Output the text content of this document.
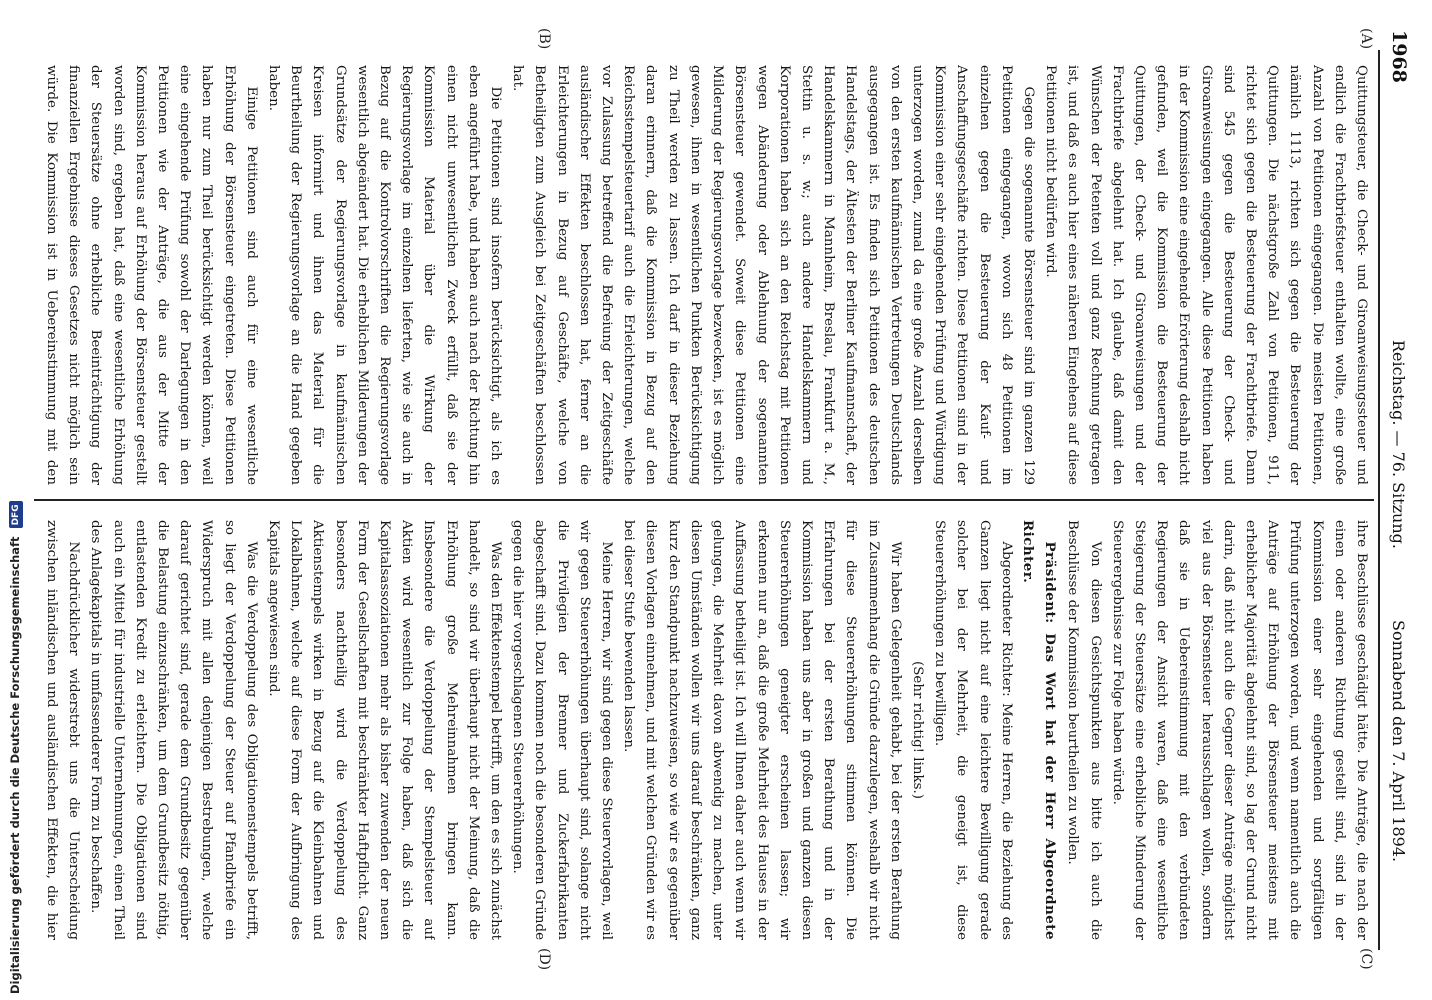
Digitalisierung gefördert durch die Deutsche Forschungsgemeinschaft DFG
1968
Reichstag. — 76. Sitzung.
Sonnabend den 7. April 1894.
(A)
(B)
(C)
(D)

Quittungsteuer, die Check- und Giroanweisungssteuer und endlich die Frachtbriefsteuer enthalten wollte, eine große Anzahl von Petitionen eingegangen. Die meisten Petitionen, nämlich 1113, richten sich gegen die Besteuerung der Quittungen. Die nächstgroße Zahl von Petitionen, 911, richtet sich gegen die Besteuerung der Frachtbriefe. Dann sind 545 gegen die Besteuerung der Check- und Giroanweisungen eingegangen. Alle diese Petitionen haben in der Kommission eine eingehende Erörterung deshalb nicht gefunden, weil die Kommission die Besteuerung der Quittungen, der Check- und Giroanweisungen und der Frachtbriefe abgelehnt hat. Ich glaube, daß damit den Wünschen der Petenten voll und ganz Rechnung getragen ist, und daß es auch hier eines näheren Eingehens auf diese Petitionen nicht bedürfen wird.

Gegen die sogenannte Börsensteuer sind im ganzen 129 Petitionen eingegangen, wovon sich 48 Petitionen im einzelnen gegen die Besteuerung der Kauf- und Anschaffungsgeschäfte richten. Diese Petitionen sind in der Kommission einer sehr eingehenden Prüfung und Würdigung unterzogen worden, zumal da eine große Anzahl derselben von den ersten kaufmännischen Vertretungen Deutschlands ausgegangen ist. Es finden sich Petitionen des deutschen Handelstags, der Ältesten der Berliner Kaufmannschaft, der Handelskammern in Mannheim, Breslau, Frankfurt a. M., Stettin u. s. w.; auch andere Handelskammern und Korporationen haben sich an den Reichstag mit Petitionen wegen Abänderung oder Ablehnung der sogenannten Börsensteuer gewendet. Soweit diese Petitionen eine Milderung der Regierungsvorlage bezwecken, ist es möglich gewesen, ihnen in wesentlichen Punkten Berücksichtigung zu Theil werden zu lassen. Ich darf in dieser Beziehung daran erinnern, daß die Kommission in Bezug auf den Reichsstempelsteuertarif auch die Erleichterungen, welche vor Zulassung betreffend die Befreiung der Zeitgeschäfte ausländischer Effekten beschlossen hat, ferner an die Erleichterungen in Bezug auf Geschäfte, welche von Betheiligten zum Ausgleich bei Zeitgeschäften beschlossen hat.

Die Petitionen sind insofern berücksichtigt, als ich es eben angeführt habe, und haben auch nach der Richtung hin einen nicht unwesentlichen Zweck erfüllt, daß sie der Kommission Material über die Wirkung der Regierungsvorlage im einzelnen lieferten, wie sie auch in Bezug auf die Kontrolvorschriften die Regierungsvorlage wesentlich abgeändert hat. Die erheblichen Milderungen der Grundsätze der Regierungsvorlage in kaufmännischen Kreisen informirt und ihnen das Material für die Beurtheilung der Regierungsvorlage an die Hand gegeben haben.

Einige Petitionen sind auch für eine wesentliche Erhöhung der Börsensteuer eingetreten. Diese Petitionen haben nur zum Theil berücksichtigt werden können, weil eine eingehende Prüfung sowohl der Darlegungen in den Petitionen wie der Anträge, die aus der Mitte der Kommission heraus auf Erhöhung der Börsensteuer gestellt worden sind, ergeben hat, daß eine wesentliche Erhöhung der Steuersätze ohne erhebliche Beeinträchtigung der finanziellen Ergebnisse dieses Gesetzes nicht möglich sein würde. Die Kommission ist in Uebereinstimmung mit den

ihre Beschlüsse geschädigt hätte. Die Anträge, die nach der einen oder anderen Richtung gestellt sind, sind in der Kommission einer sehr eingehenden und sorgfältigen Prüfung unterzogen worden, und wenn namentlich auch die Anträge auf Erhöhung der Börsensteuer meistens mit erheblicher Majorität abgelehnt sind, so lag der Grund nicht darin, daß nicht auch die Gegner dieser Anträge möglichst viel aus der Börsensteuer herausschlagen wollen, sondern daß sie in Uebereinstimmung mit den verbündeten Regierungen der Ansicht waren, daß eine wesentliche Steigerung der Steuersätze eine erhebliche Minderung der Steuerergebnisse zur Folge haben würde.

Von diesen Gesichtspunkten aus bitte ich auch die Beschlüsse der Kommission beurtheilen zu wollen.

Präsident: Das Wort hat der Herr Abgeordnete Richter.

Abgeordneter Richter: Meine Herren, die Beziehung des Ganzen liegt nicht auf eine leichtere Bewilligung gerade solcher bei der Mehrheit, die geneigt ist, diese Steuererhöhungen zu bewilligen.

(Sehr richtig! links.)

Wir haben Gelegenheit gehabt, bei der ersten Berathung im Zusammenhang die Gründe darzulegen, weshalb wir nicht für diese Steuererhöhungen stimmen können. Die Erfahrungen bei der ersten Berathung und in der Kommission haben uns aber in großen und ganzen diesen Steuererhöhungen geneigter erscheinen lassen; wir erkennen nur an, daß die große Mehrheit des Hauses in der Auffassung betheiligt ist. Ich will Ihnen daher auch wenn wir gelungen, die Mehrheit davon abwendig zu machen, unter diesen Umständen wollen wir uns darauf beschränken, ganz kurz den Standpunkt nachzuweisen, so wie wir es gegenüber diesen Vorlagen einnehmen, und mit welchen Gründen wir es bei dieser Stufe bewenden lassen.

Meine Herren, wir sind gegen diese Steuervorlagen, weil wir gegen Steuererhöhungen überhaupt sind, solange nicht die Privilegien der Brenner und Zuckerfabrikanten abgeschafft sind. Dazu kommen noch die besonderen Gründe gegen die hier vorgeschlagenen Steuererhöhungen.

Was den Effektenstempel betrifft, um den es sich zunächst handelt, so sind wir überhaupt nicht der Meinung, daß die Erhöhung große Mehreinnahmen bringen kann. Insbesondere die Verdoppelung der Stempelsteuer auf Aktien wird wesentlich zur Folge haben, daß sich die Kapitalsassoziationen mehr als bisher zuwenden der neuen Form der Gesellschaften mit beschränkter Haftpflicht. Ganz besonders nachtheilig wird die Verdoppelung des Aktienstempels wirken in Bezug auf die Kleinbahnen und Lokalbahnen, welche auf diese Form der Aufbringung des Kapitals angewiesen sind.

Was die Verdoppelung des Obligationenstempels betrifft, so liegt der Verdoppelung der Steuer auf Pfandbriefe ein Widerspruch mit allen denjenigen Bestrebungen, welche darauf gerichtet sind, gerade dem Grundbesitz gegenüber die Belastung einzuschränken, um dem Grundbesitz nöthig, entlastenden Kredit zu erleichtern. Die Obligationen sind auch ein Mittel für industrielle Unternehmungen, einen Theil des Anlagekapitals in umfassenderer Form zu beschaffen.

Nachdrücklicher widerstrebt uns die Unterscheidung zwischen inländischen und ausländischen Effekten, die hier
